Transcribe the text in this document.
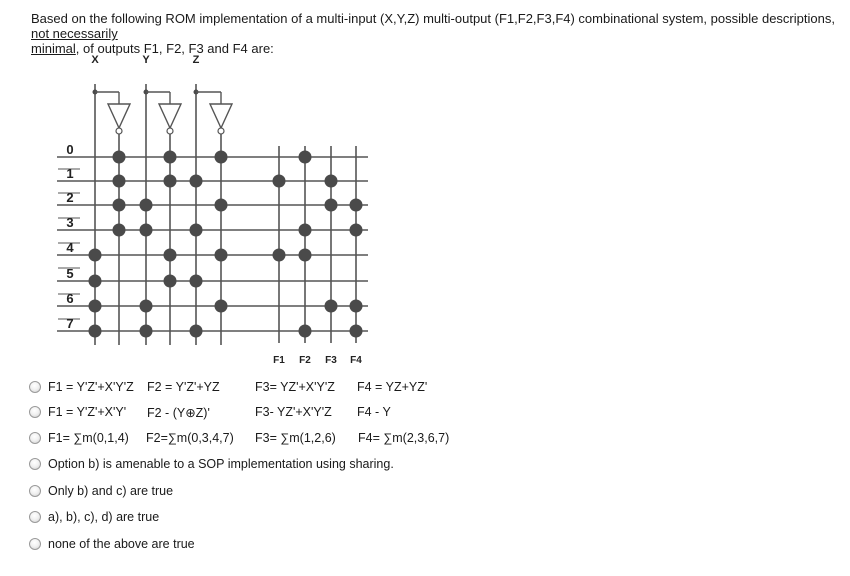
Based on the following ROM implementation of a multi-input (X,Y,Z) multi-output (F1,F2,F3,F4) combinational system, possible descriptions, not necessarily
minimal, of outputs F1, F2, F3 and F4 are:
X	Y	Z
0
1
2
3
4
5
6
7
F1 F2 F3 F4
F1 = Y'Z'+X'Y'Z F2 = Y'Z'+YZ	F3= YZ'+X'Y'Z F4 = YZ+YZ'
F1 = Y'Z'+X'Y' F2 - (Y⊕Z)'	F3- YZ'+X'Y'Z F4 - Y
F1= ∑m(0,1,4) F2=∑m(0,3,4,7) F3= ∑m(1,2,6) F4= ∑m(2,3,6,7)
Option b) is amenable to a SOP implementation using sharing.
Only b) and c) are true
a), b), c), d) are true
none of the above are true
